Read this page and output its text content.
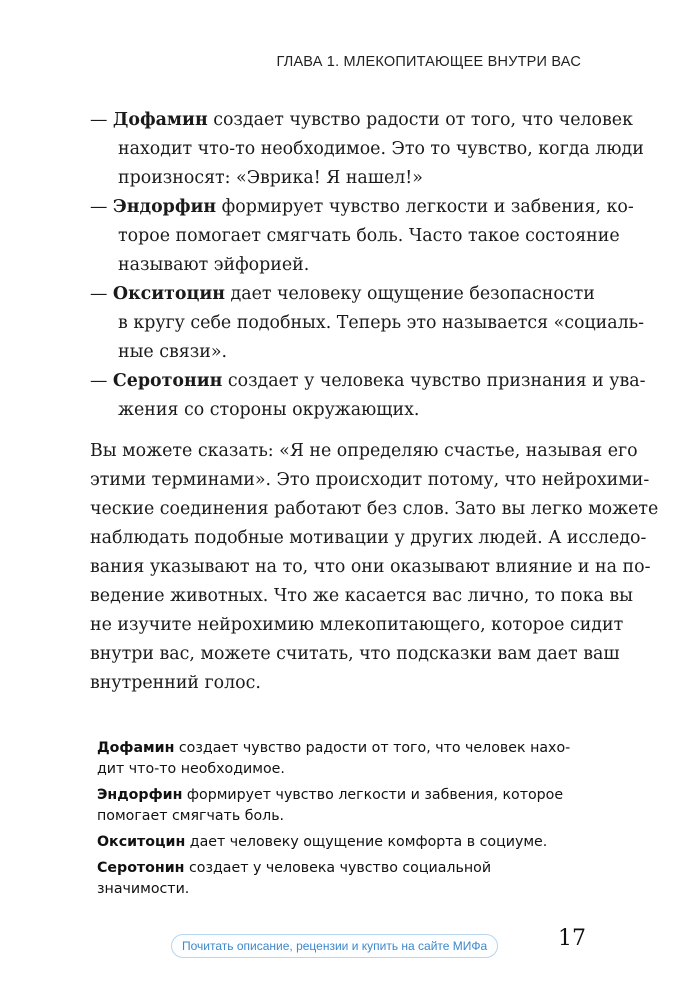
ГЛАВА 1. МЛЕКОПИТАЮЩЕЕ ВНУТРИ ВАС
— Дофамин создает чувство радости от того, что человек
находит что-то необходимое. Это то чувство, когда люди
произносят: «Эврика! Я нашел!»
— Эндорфин формирует чувство легкости и забвения, ко-
торое помогает смягчать боль. Часто такое состояние
называют эйфорией.
— Окситоцин дает человеку ощущение безопасности
в кругу себе подобных. Теперь это называется «социаль-
ные связи».
— Серотонин создает у человека чувство признания и ува-
жения со стороны окружающих.
Вы можете сказать: «Я не определяю счастье, называя его
этими терминами». Это происходит потому, что нейрохими-
ческие соединения работают без слов. Зато вы легко можете
наблюдать подобные мотивации у других людей. А исследо-
вания указывают на то, что они оказывают влияние и на по-
ведение животных. Что же касается вас лично, то пока вы
не изучите нейрохимию млекопитающего, которое сидит
внутри вас, можете считать, что подсказки вам дает ваш
внутренний голос.

Дофамин создает чувство радости от того, что человек нахо-
дит что-то необходимое.

Эндорфин формирует чувство легкости и забвения, которое
помогает смягчать боль.

Окситоцин дает человеку ощущение комфорта в социуме.

Серотонин создает у человека чувство социальной
значимости.

Почитать описание, рецензии и купить на сайте МИФа	17
